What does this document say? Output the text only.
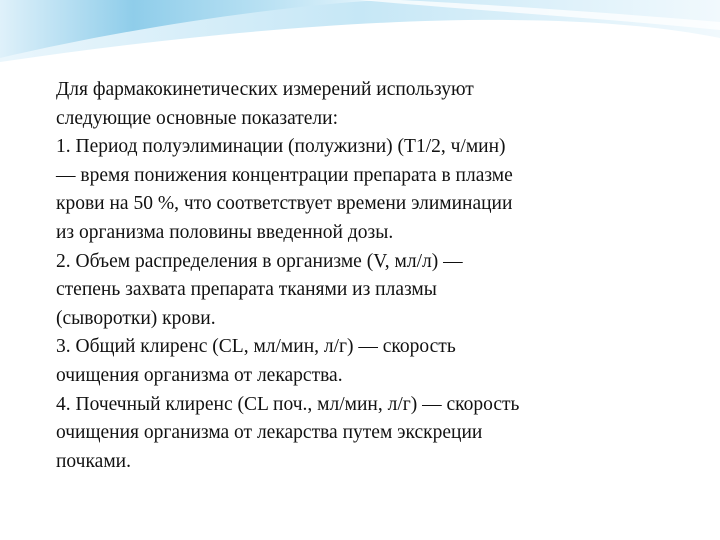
Для фармакокинетических измерений используют
следующие основные показатели:
1. Период полуэлиминации (полужизни) (Т1/2, ч/мин)
— время понижения концентрации препарата в плазме
крови на 50 %, что соответствует времени элиминации
из организма половины введенной дозы.
2. Объем распределения в организме (V, мл/л) —
степень захвата препарата тканями из плазмы
(сыворотки) крови.
3. Общий клиренс (CL, мл/мин, л/г) — скорость
очищения организма от лекарства.
4. Почечный клиренс (CL поч., мл/мин, л/г) — скорость
очищения организма от лекарства путем экскреции
почками.
